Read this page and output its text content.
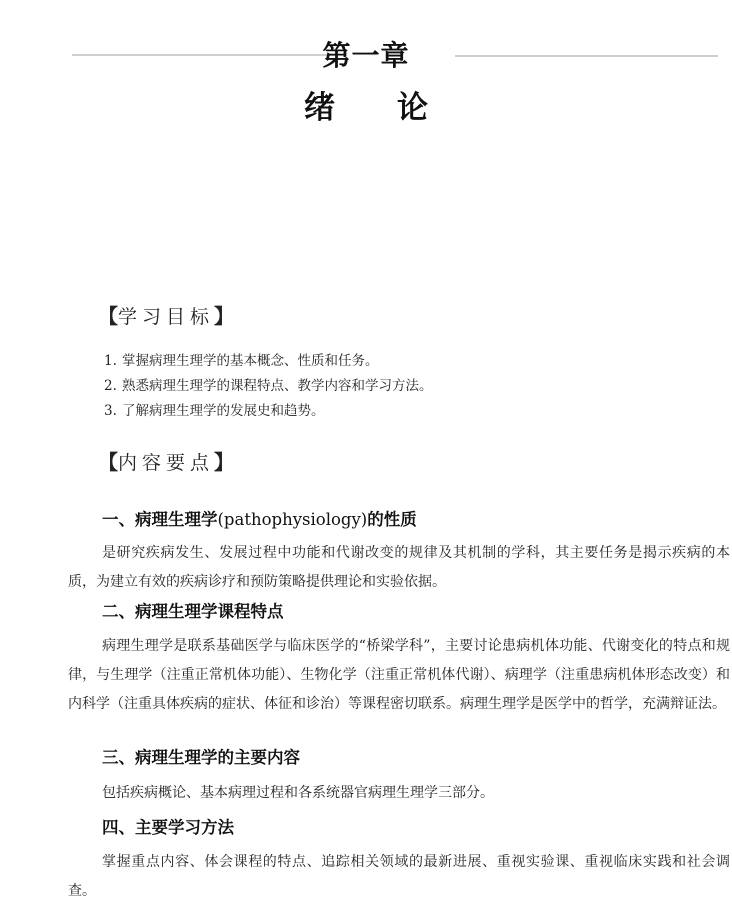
第一章
绪 论
【学习目标】
1. 掌握病理生理学的基本概念、性质和任务。
2. 熟悉病理生理学的课程特点、教学内容和学习方法。
3. 了解病理生理学的发展史和趋势。
【内容要点】
一、病理生理学(pathophysiology)的性质

是研究疾病发生、发展过程中功能和代谢改变的规律及其机制的学科，其主要任务是揭示疾病的本质，为建立有效的疾病诊疗和预防策略提供理论和实验依据。

二、病理生理学课程特点

病理生理学是联系基础医学与临床医学的“桥梁学科”，主要讨论患病机体功能、代谢变化的特点和规律，与生理学（注重正常机体功能）、生物化学（注重正常机体代谢）、病理学（注重患病机体形态改变）和内科学（注重具体疾病的症状、体征和诊治）等课程密切联系。病理生理学是医学中的哲学，充满辩证法。

三、病理生理学的主要内容

包括疾病概论、基本病理过程和各系统器官病理生理学三部分。

四、主要学习方法

掌握重点内容、体会课程的特点、追踪相关领域的最新进展、重视实验课、重视临床实践和社会调查。
